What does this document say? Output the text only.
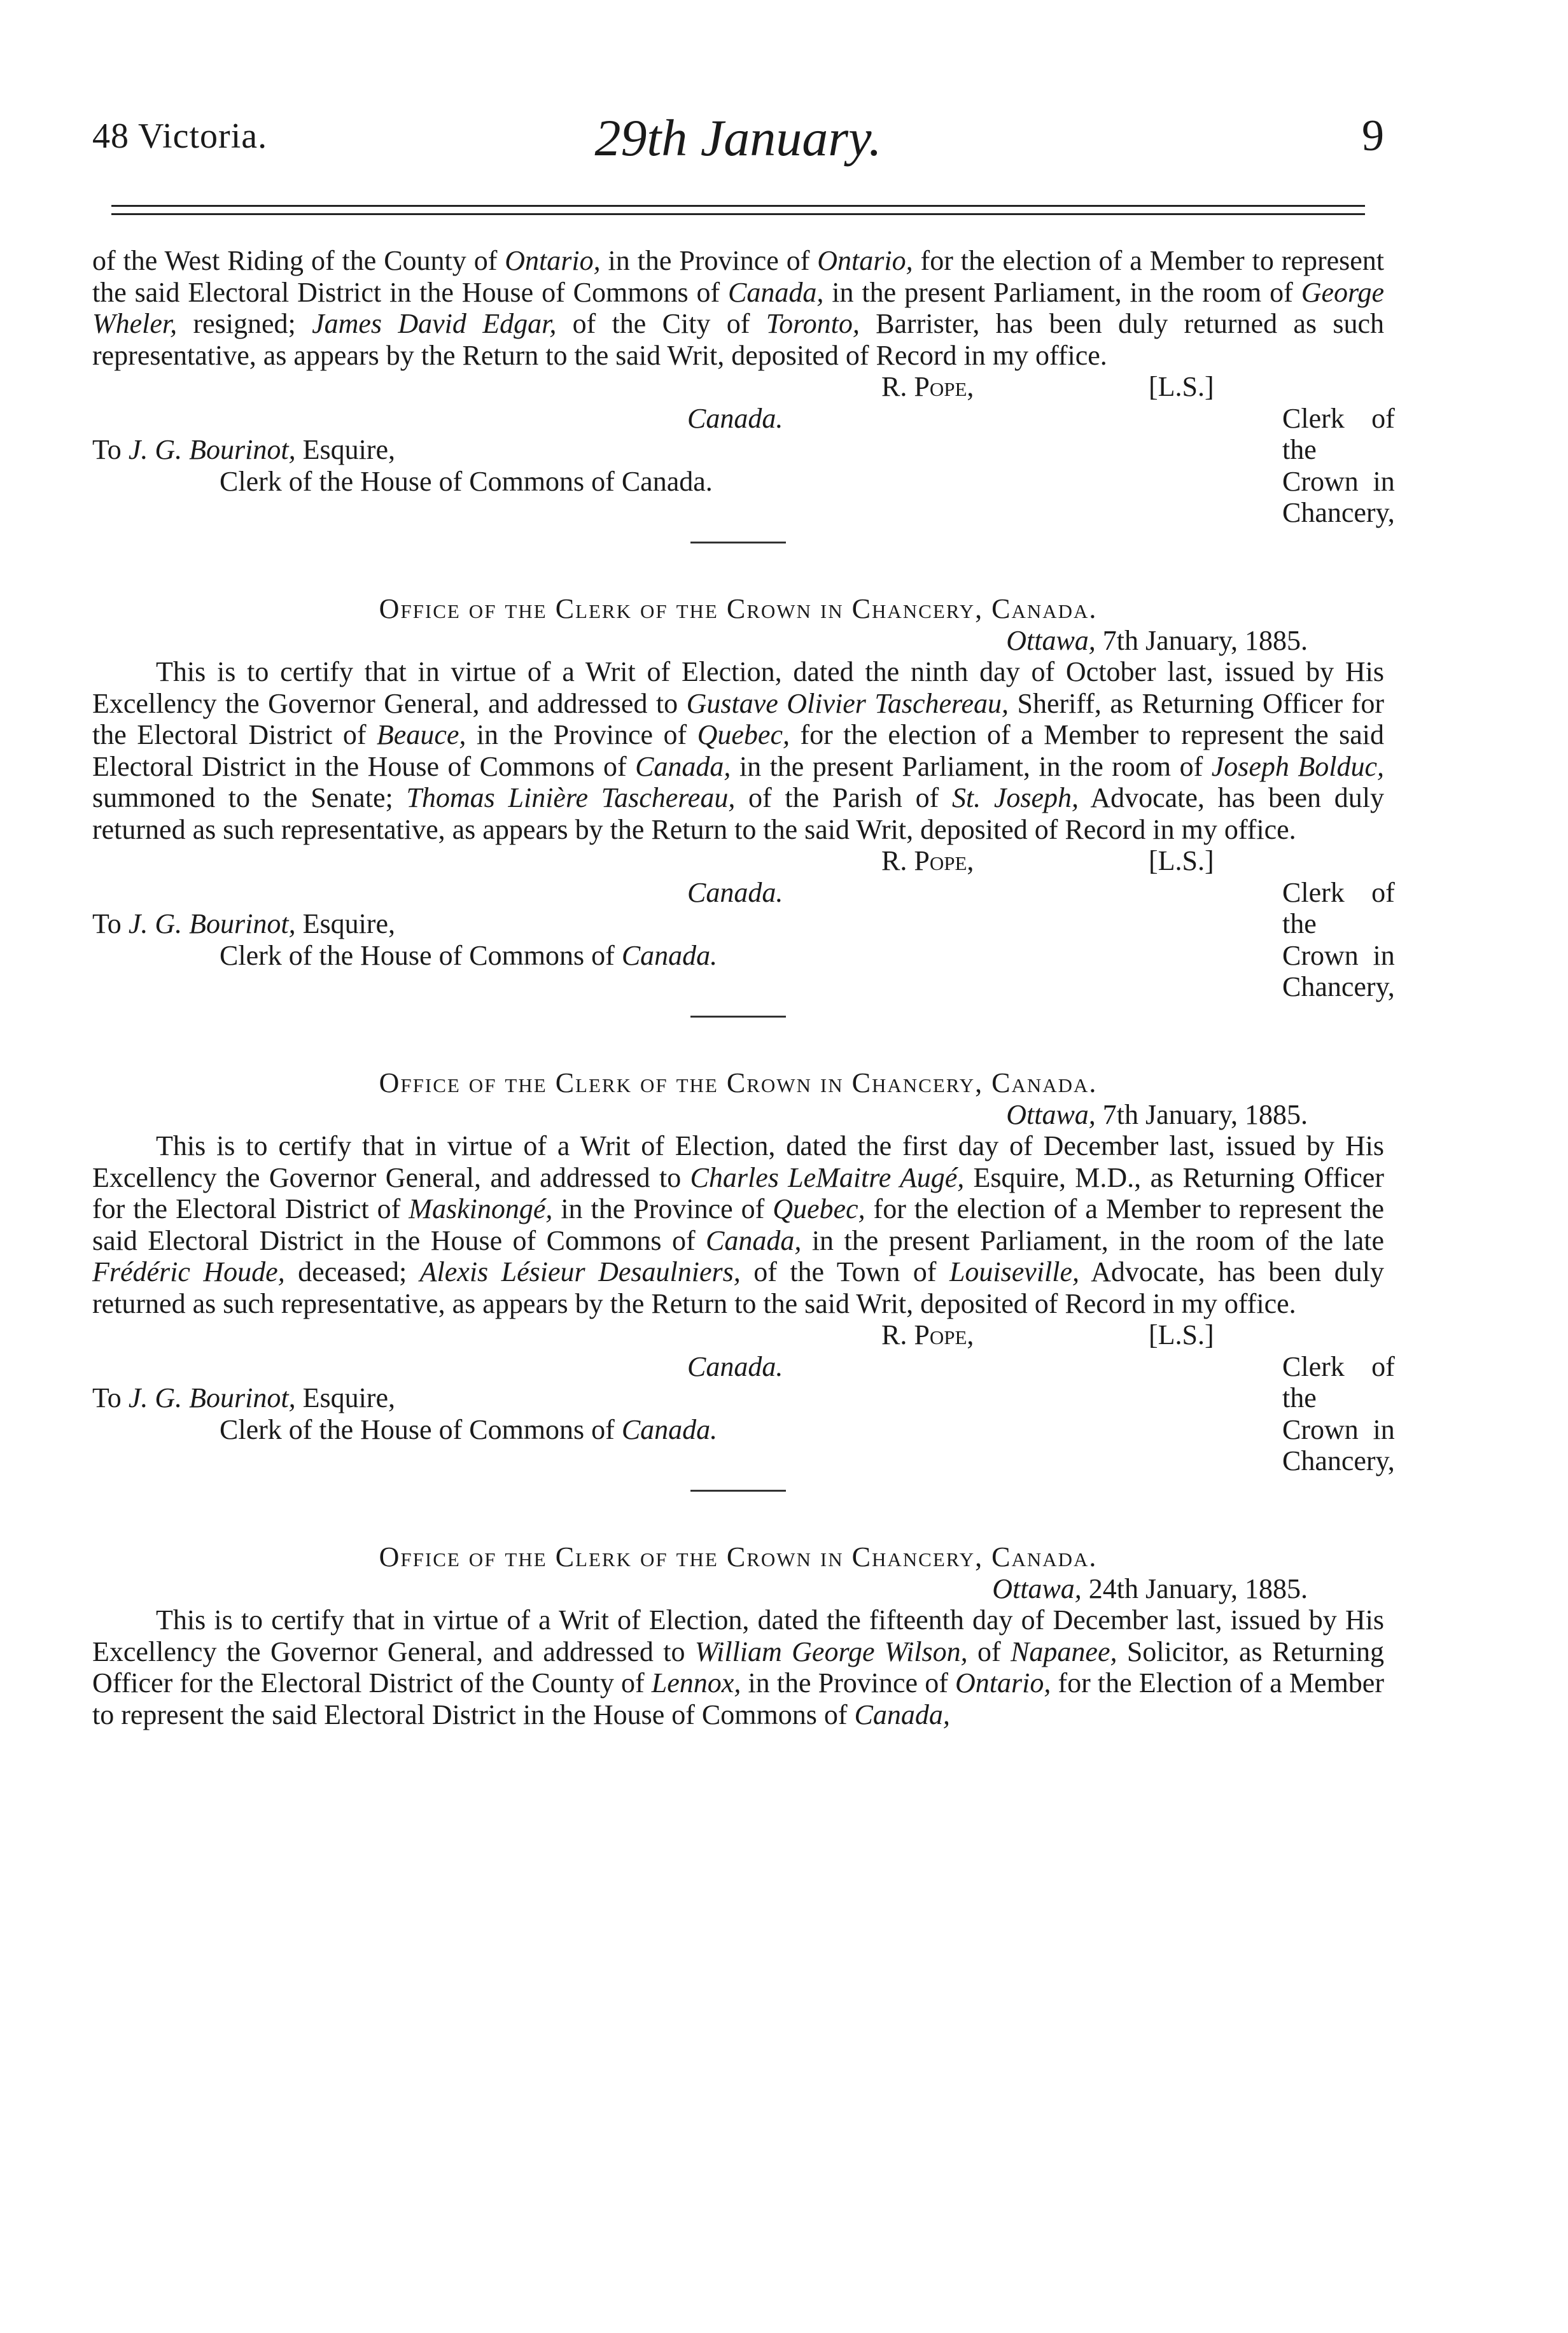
48 Victoria.	29th January.	9

of the West Riding of the County of Ontario, in the Province of Ontario, for the election of a Member to represent the said Electoral District in the House of Commons of Canada, in the present Parliament, in the room of George Wheler, resigned; James David Edgar, of the City of Toronto, Barrister, has been duly returned as such representative, as appears by the Return to the said Writ, deposited of Record in my office.

R. Pope,	[L.S.]
Clerk of the Crown in Chancery,
Canada.
To J. G. Bourinot, Esquire,
Clerk of the House of Commons of Canada.
Office of the Clerk of the Crown in Chancery, Canada.
Ottawa, 7th January, 1885.

This is to certify that in virtue of a Writ of Election, dated the ninth day of October last, issued by His Excellency the Governor General, and addressed to Gustave Olivier Taschereau, Sheriff, as Returning Officer for the Electoral District of Beauce, in the Province of Quebec, for the election of a Member to represent the said Electoral District in the House of Commons of Canada, in the present Parliament, in the room of Joseph Bolduc, summoned to the Senate; Thomas Linière Taschereau, of the Parish of St. Joseph, Advocate, has been duly returned as such representative, as appears by the Return to the said Writ, deposited of Record in my office.

R. Pope,	[L.S.]
Clerk of the Crown in Chancery,
Canada.
To J. G. Bourinot, Esquire,
Clerk of the House of Commons of Canada.
Office of the Clerk of the Crown in Chancery, Canada.
Ottawa, 7th January, 1885.

This is to certify that in virtue of a Writ of Election, dated the first day of December last, issued by His Excellency the Governor General, and addressed to Charles LeMaitre Augé, Esquire, M.D., as Returning Officer for the Electoral District of Maskinongé, in the Province of Quebec, for the election of a Member to represent the said Electoral District in the House of Commons of Canada, in the present Parliament, in the room of the late Frédéric Houde, deceased; Alexis Lésieur Desaulniers, of the Town of Louiseville, Advocate, has been duly returned as such representative, as appears by the Return to the said Writ, deposited of Record in my office.

R. Pope,	[L.S.]
Clerk of the Crown in Chancery,
Canada.
To J. G. Bourinot, Esquire,
Clerk of the House of Commons of Canada.
Office of the Clerk of the Crown in Chancery, Canada.
Ottawa, 24th January, 1885.

This is to certify that in virtue of a Writ of Election, dated the fifteenth day of December last, issued by His Excellency the Governor General, and addressed to William George Wilson, of Napanee, Solicitor, as Returning Officer for the Electoral District of the County of Lennox, in the Province of Ontario, for the Election of a Member to represent the said Electoral District in the House of Commons of Canada,
